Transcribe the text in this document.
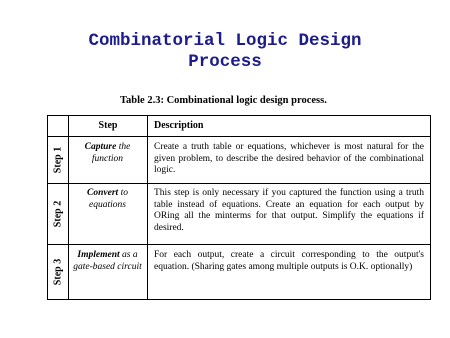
Combinatorial Logic Design
Process

Table 2.3: Combinational logic design process.

Step	Description
Step 1	Capture the function
Create a truth table or equations, whichever is most natural for the given problem, to describe the desired behavior of the combinational logic.
Step 2
Convert to equations
This step is only necessary if you captured the function using a truth table instead of equations. Create an equation for each output by ORing all the minterms for that output. Simplify the equations if desired.
Step 3
Implement as a gate-based circuit
For each output, create a circuit corresponding to the output's equation. (Sharing gates among multiple outputs is O.K. optionally)
